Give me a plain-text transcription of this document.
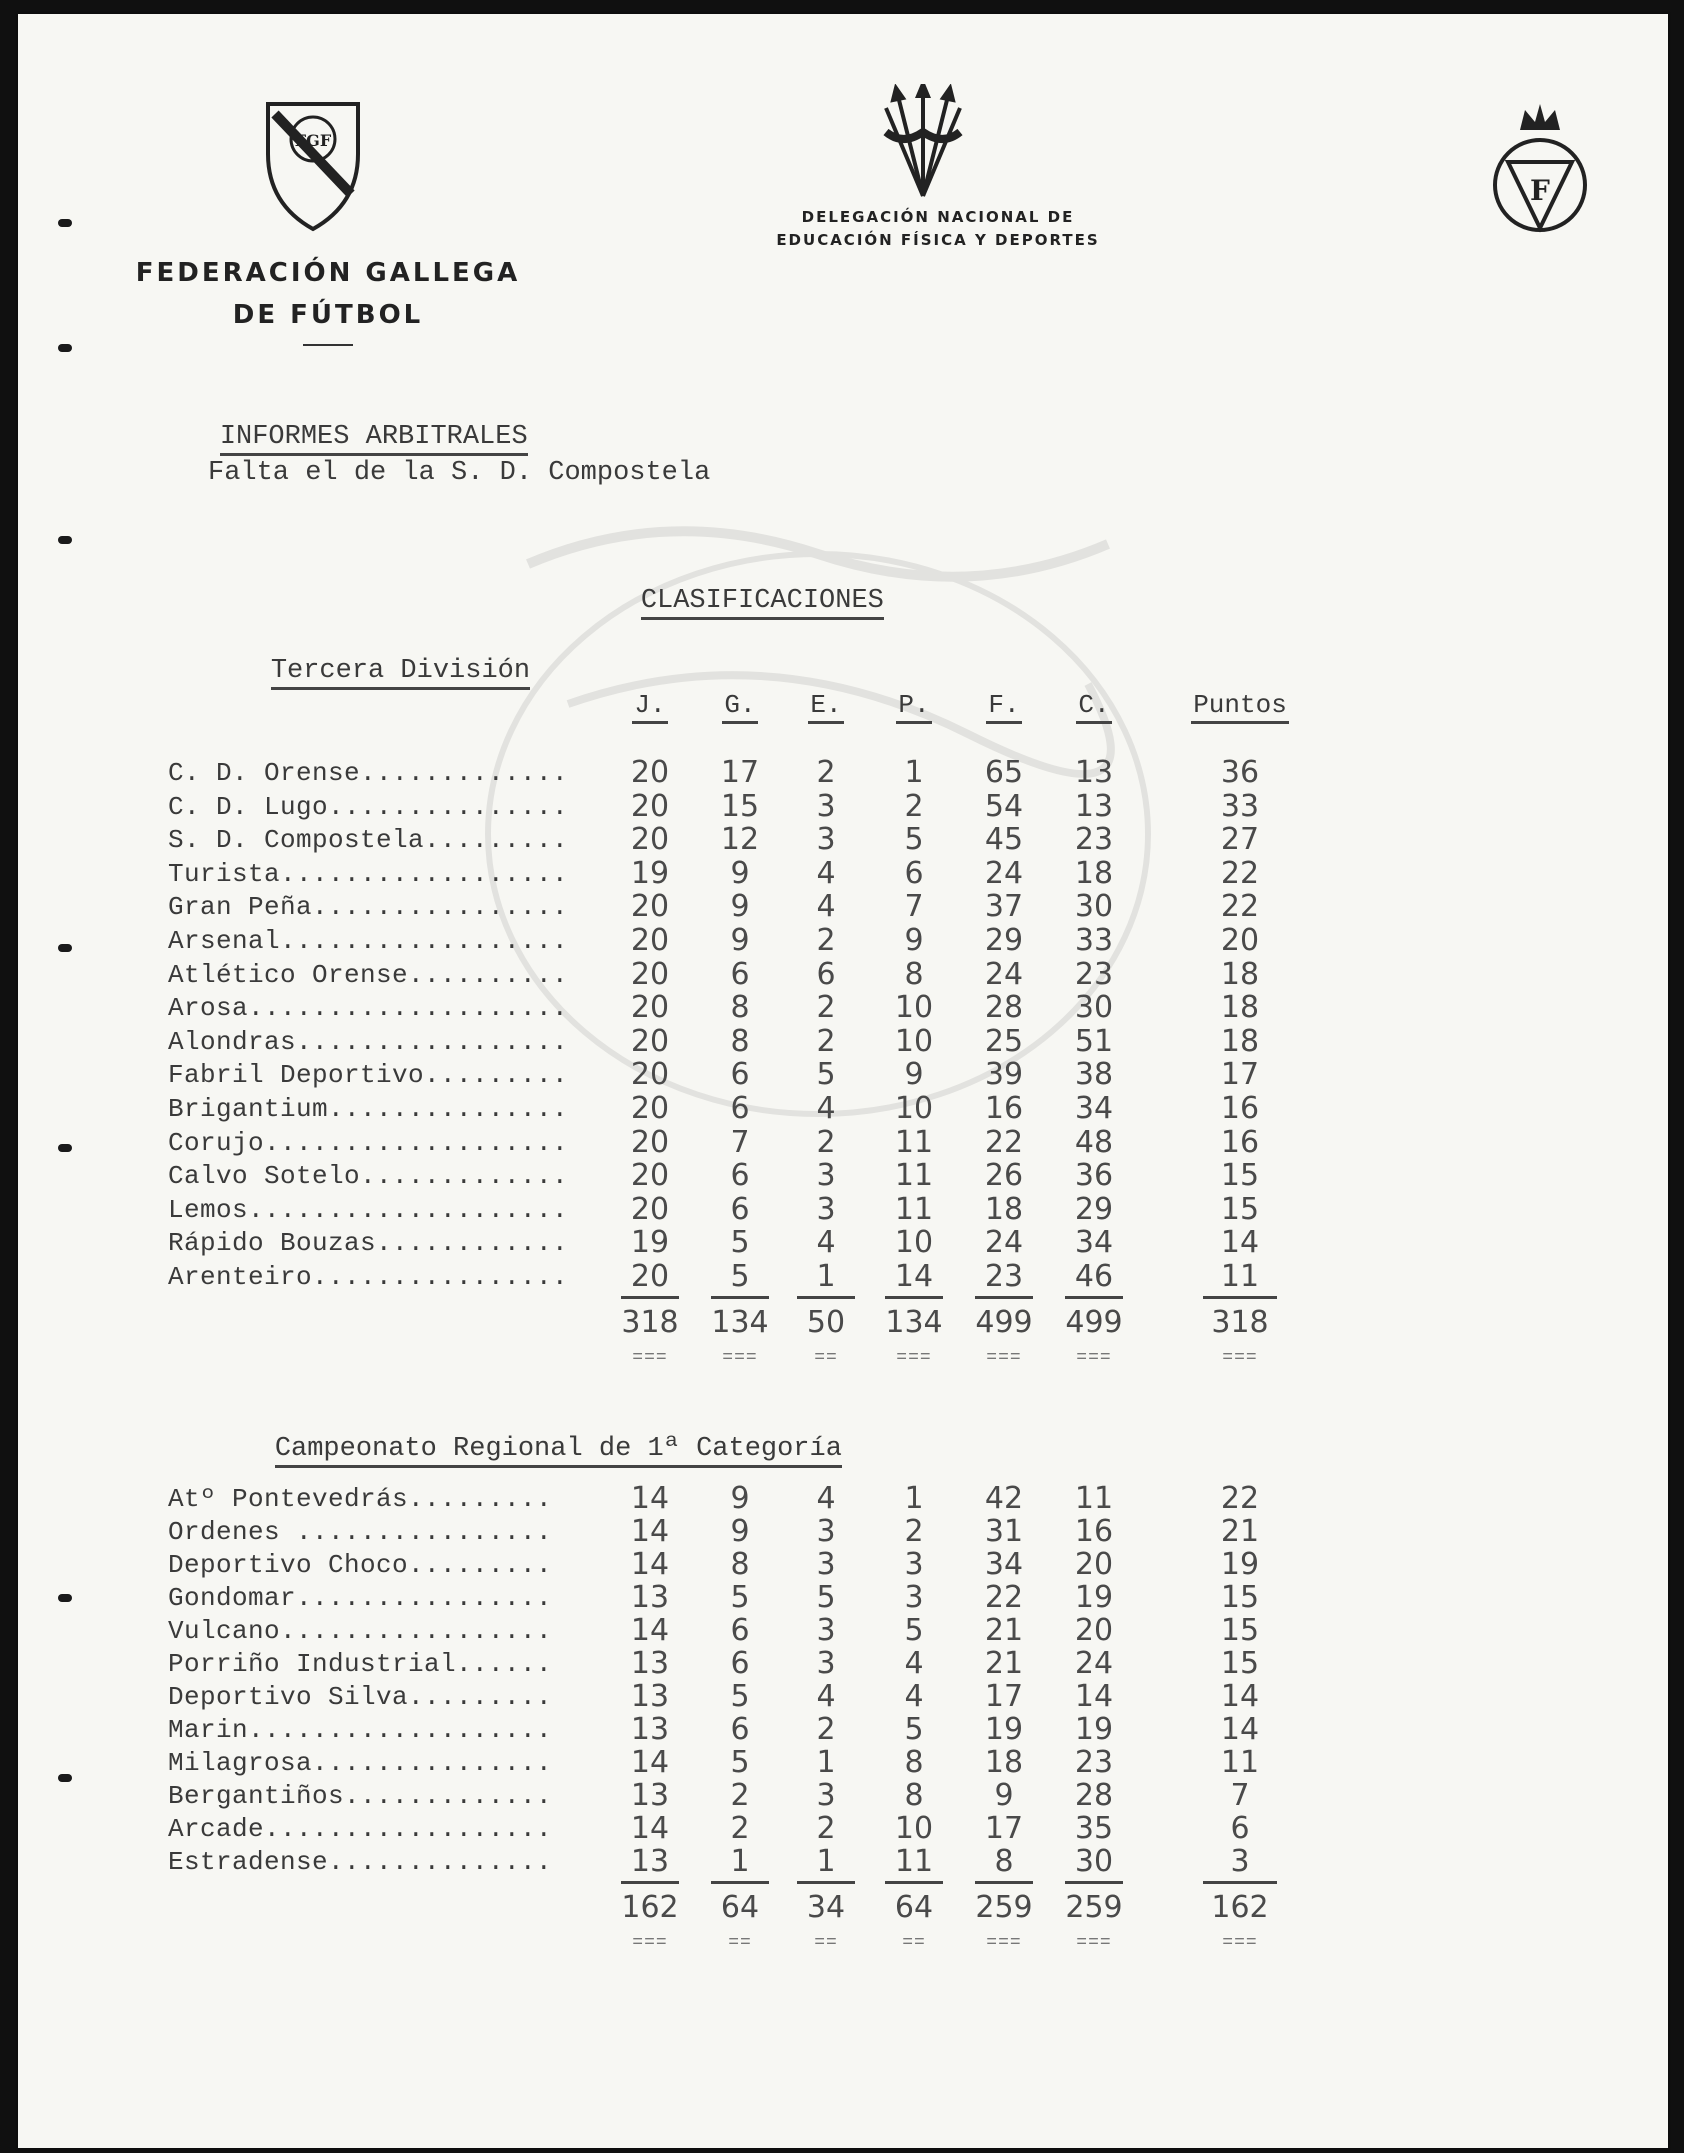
FGF
FEDERACIÓN GALLEGA
DE FÚTBOL
DELEGACIÓN NACIONAL DE
EDUCACIÓN FÍSICA Y DEPORTES
F

INFORMES ARBITRALES

Falta el de la S. D. Compostela

CLASIFICACIONES

Tercera División

J.	G.	E.	P.	F.	C.	Puntos
C. D. Orense.............	20	17	2	1	65	13	36
C. D. Lugo...............	20	15	3	2	54	13	33
S. D. Compostela.........	20	12	3	5	45	23	27
Turista..................	19	9	4	6	24	18	22
Gran Peña................	20	9	4	7	37	30	22
Arsenal..................	20	9	2	9	29	33	20
Atlético Orense..........	20	6	6	8	24	23	18
Arosa....................	20	8	2	10	28	30	18
Alondras.................	20	8	2	10	25	51	18
Fabril Deportivo.........	20	6	5	9	39	38	17
Brigantium...............	20	6	4	10	16	34	16
Corujo...................	20	7	2	11	22	48	16
Calvo Sotelo.............	20	6	3	11	26	36	15
Lemos....................	20	6	3	11	18	29	15
Rápido Bouzas............	19	5	4	10	24	34	14
Arenteiro................	20	5	1	14	23	46	11
318	134	50	134	499	499	318
===	===	==	===	===	===	===

Campeonato Regional de 1ª Categoría

Atº Pontevedrás.........	14	9	4	1	42	11	22
Ordenes ................	14	9	3	2	31	16	21
Deportivo Choco.........	14	8	3	3	34	20	19
Gondomar................	13	5	5	3	22	19	15
Vulcano.................	14	6	3	5	21	20	15
Porriño Industrial......	13	6	3	4	21	24	15
Deportivo Silva.........	13	5	4	4	17	14	14
Marin...................	13	6	2	5	19	19	14
Milagrosa...............	14	5	1	8	18	23	11
Bergantiños.............	13	2	3	8	9	28	7
Arcade..................	14	2	2	10	17	35	6
Estradense..............	13	1	1	11	8	30	3
162	64	34	64	259	259	162
===	==	==	==	===	===	===
